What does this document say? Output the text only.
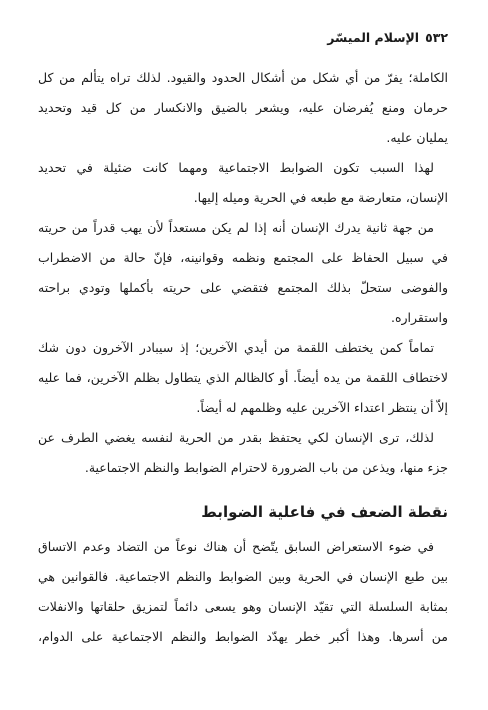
٥٣٢الإسلام الميسّر
الكاملة؛ يفرّ من أي شكل من أشكال الحدود والقيود. لذلك تراه يتألم من كل
حرمان ومنع يُفرضان عليه، ويشعر بالضيق والانكسار من كل قيد وتحديد
يمليان عليه.
لهذا السبب تكون الضوابط الاجتماعية ومهما كانت ضئيلة في تحديد
الإنسان، متعارضة مع طبعه في الحرية وميله إليها.
من جهة ثانية يدرك الإنسان أنه إذا لم يكن مستعداً لأن يهب قدراً من حريته
في سبيل الحفاظ على المجتمع ونظمه وقوانينه، فإنّ حالة من الاضطراب
والفوضى ستحلّ بذلك المجتمع فتقضي على حريته بأكملها وتودي براحته
واستقراره.
تماماً كمن يختطف اللقمة من أيدي الآخرين؛ إذ سيبادر الآخرون دون شك
لاختطاف اللقمة من يده أيضاً. أو كالظالم الذي يتطاول بظلم الآخرين، فما عليه
إلاّ أن ينتظر اعتداء الآخرين عليه وظلمهم له أيضاً.
لذلك، ترى الإنسان لكي يحتفظ بقدر من الحرية لنفسه يغضي الطرف عن
جزء منها، ويذعن من باب الضرورة لاحترام الضوابط والنظم الاجتماعية.
نقطة الضعف في فاعلية الضوابط
في ضوء الاستعراض السابق يتّضح أن هناك نوعاً من التضاد وعدم الاتساق
بين طبع الإنسان في الحرية وبين الضوابط والنظم الاجتماعية. فالقوانين هي
بمثابة السلسلة التي تقيّد الإنسان وهو يسعى دائماً لتمزيق حلقاتها والانفلات
من أسرها. وهذا أكبر خطر يهدّد الضوابط والنظم الاجتماعية على الدوام،
